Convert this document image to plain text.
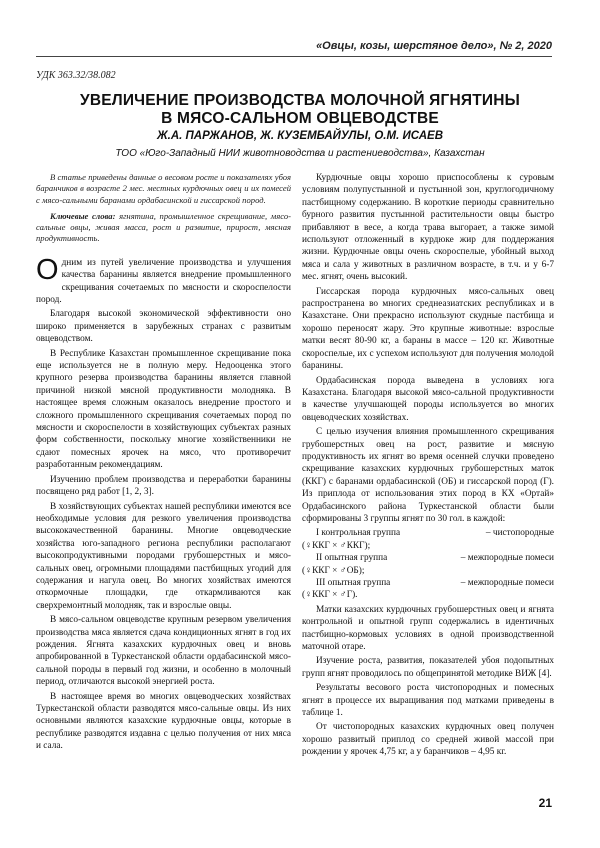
«Овцы, козы, шерстяное дело», № 2, 2020
УДК 363.32/38.082
УВЕЛИЧЕНИЕ ПРОИЗВОДСТВА МОЛОЧНОЙ ЯГНЯТИНЫ
В МЯСО-САЛЬНОМ ОВЦЕВОДСТВЕ
Ж.А. ПАРЖАНОВ, Ж. КУЗЕМБАЙУЛЫ, О.М. ИСАЕВ
ТОО «Юго-Западный НИИ животноводства и растениеводства», Казахстан

В статье приведены данные о весовом росте и показателях убоя баранчиков в возрасте 2 мес. местных курдючных овец и их помесей с мясо-сальными баранами ордабасинской и гиссарской пород.

Ключевые слова: ягнятина, промышленное скрещивание, мясо-сальные овцы, живая масса, рост и развитие, прирост, мясная продуктивность.

Одним из путей увеличение производства и улучшения качества баранины является внедрение промышленного скрещивания сочетаемых по мясности и скороспелости пород.

Благодаря высокой экономической эффективности оно широко применяется в зарубежных странах с развитым овцеводством.

В Республике Казахстан промышленное скрещивание пока еще используется не в полную меру. Недооценка этого крупного резерва производства баранины является главной причиной низкой мясной продуктивности молодняка. В настоящее время сложным оказалось внедрение простого и сложного промышленного скрещивания сочетаемых пород по мясности и скороспелости в хозяйствующих субъектах разных форм собственности, поскольку многие хозяйственники не сдают помесных ярочек на мясо, что противоречит разработанным рекомендациям.

Изучению проблем производства и переработки баранины посвящено ряд работ [1, 2, 3].

В хозяйствующих субъектах нашей республики имеются все необходимые условия для резкого увеличения производства высококачественной баранины. Многие овцеводческие хозяйства юго-западного региона республики располагают высокопродуктивными породами грубошерстных и мясо-сальных овец, огромными площадями пастбищных угодий для содержания и нагула овец. Во многих хозяйствах имеются откормочные площадки, где откармливаются как сверхремонтный молодняк, так и взрослые овцы.

В мясо-сальном овцеводстве крупным резервом увеличения производства мяса является сдача кондиционных ягнят в год их рождения. Ягнята казахских курдючных овец и вновь апробированной в Туркестанской области ордабасинской мясо-сальной породы в первый год жизни, и особенно в молочный период, отличаются высокой энергией роста.

В настоящее время во многих овцеводческих хозяйствах Туркестанской области разводятся мясо-сальные овцы. Из них основными являются казахские курдючные овцы, которые в республике разводятся издавна с целью получения от них мяса и сала.

Курдючные овцы хорошо приспособлены к суровым условиям полупустынной и пустынной зон, круглогодичному пастбищному содержанию. В короткие периоды сравнительно бурного развития пустынной растительности овцы быстро прибавляют в весе, а когда трава выгорает, а также зимой используют отложенный в курдюке жир для поддержания жизни. Курдючные овцы очень скороспелые, убойный выход мяса и сала у животных в различном возрасте, в т.ч. и у 6-7 мес. ягнят, очень высокий.

Гиссарская порода курдючных мясо-сальных овец распространена во многих среднеазиатских республиках и в Казахстане. Они прекрасно используют скудные пастбища и хорошо переносят жару. Это крупные животные: взрослые матки весят 80-90 кг, а бараны в массе – 120 кг. Животные скороспелые, их с успехом используют для получения молодой баранины.

Ордабасинская порода выведена в условиях юга Казахстана. Благодаря высокой мясо-сальной продуктивности в качестве улучшающей породы используется во многих овцеводческих хозяйствах.

С целью изучения влияния промышленного скрещивания грубошерстных овец на рост, развитие и мясную продуктивность их ягнят во время осенней случки проведено скрещивание казахских курдючных грубошерстных маток (ККГ) с баранами ордабасинской (ОБ) и гиссарской пород (Г). Из приплода от использования этих пород в КХ «Ортай» Ордабасинского района Туркестанской области были сформированы 3 группы ягнят по 30 гол. в каждой:

I контрольная группа	– чистопородные
(♀ККГ × ♂ККГ);
II опытная группа	– межпородные помеси
(♀ККГ × ♂ОБ);
III опытная группа	– межпородные помеси
(♀ККГ × ♂Г).

Матки казахских курдючных грубошерстных овец и ягнята контрольной и опытной групп содержались в идентичных пастбищно-кормовых условиях в одной производственной маточной отаре.

Изучение роста, развития, показателей убоя подопытных групп ягнят проводилось по общепринятой методике ВИЖ [4].

Результаты весового роста чистопородных и помесных ягнят в процессе их выращивания под матками приведены в таблице 1.

От чистопородных казахских курдючных овец получен хорошо развитый приплод со средней живой массой при рождении у ярочек 4,75 кг, а у баранчиков – 4,95 кг.

21
